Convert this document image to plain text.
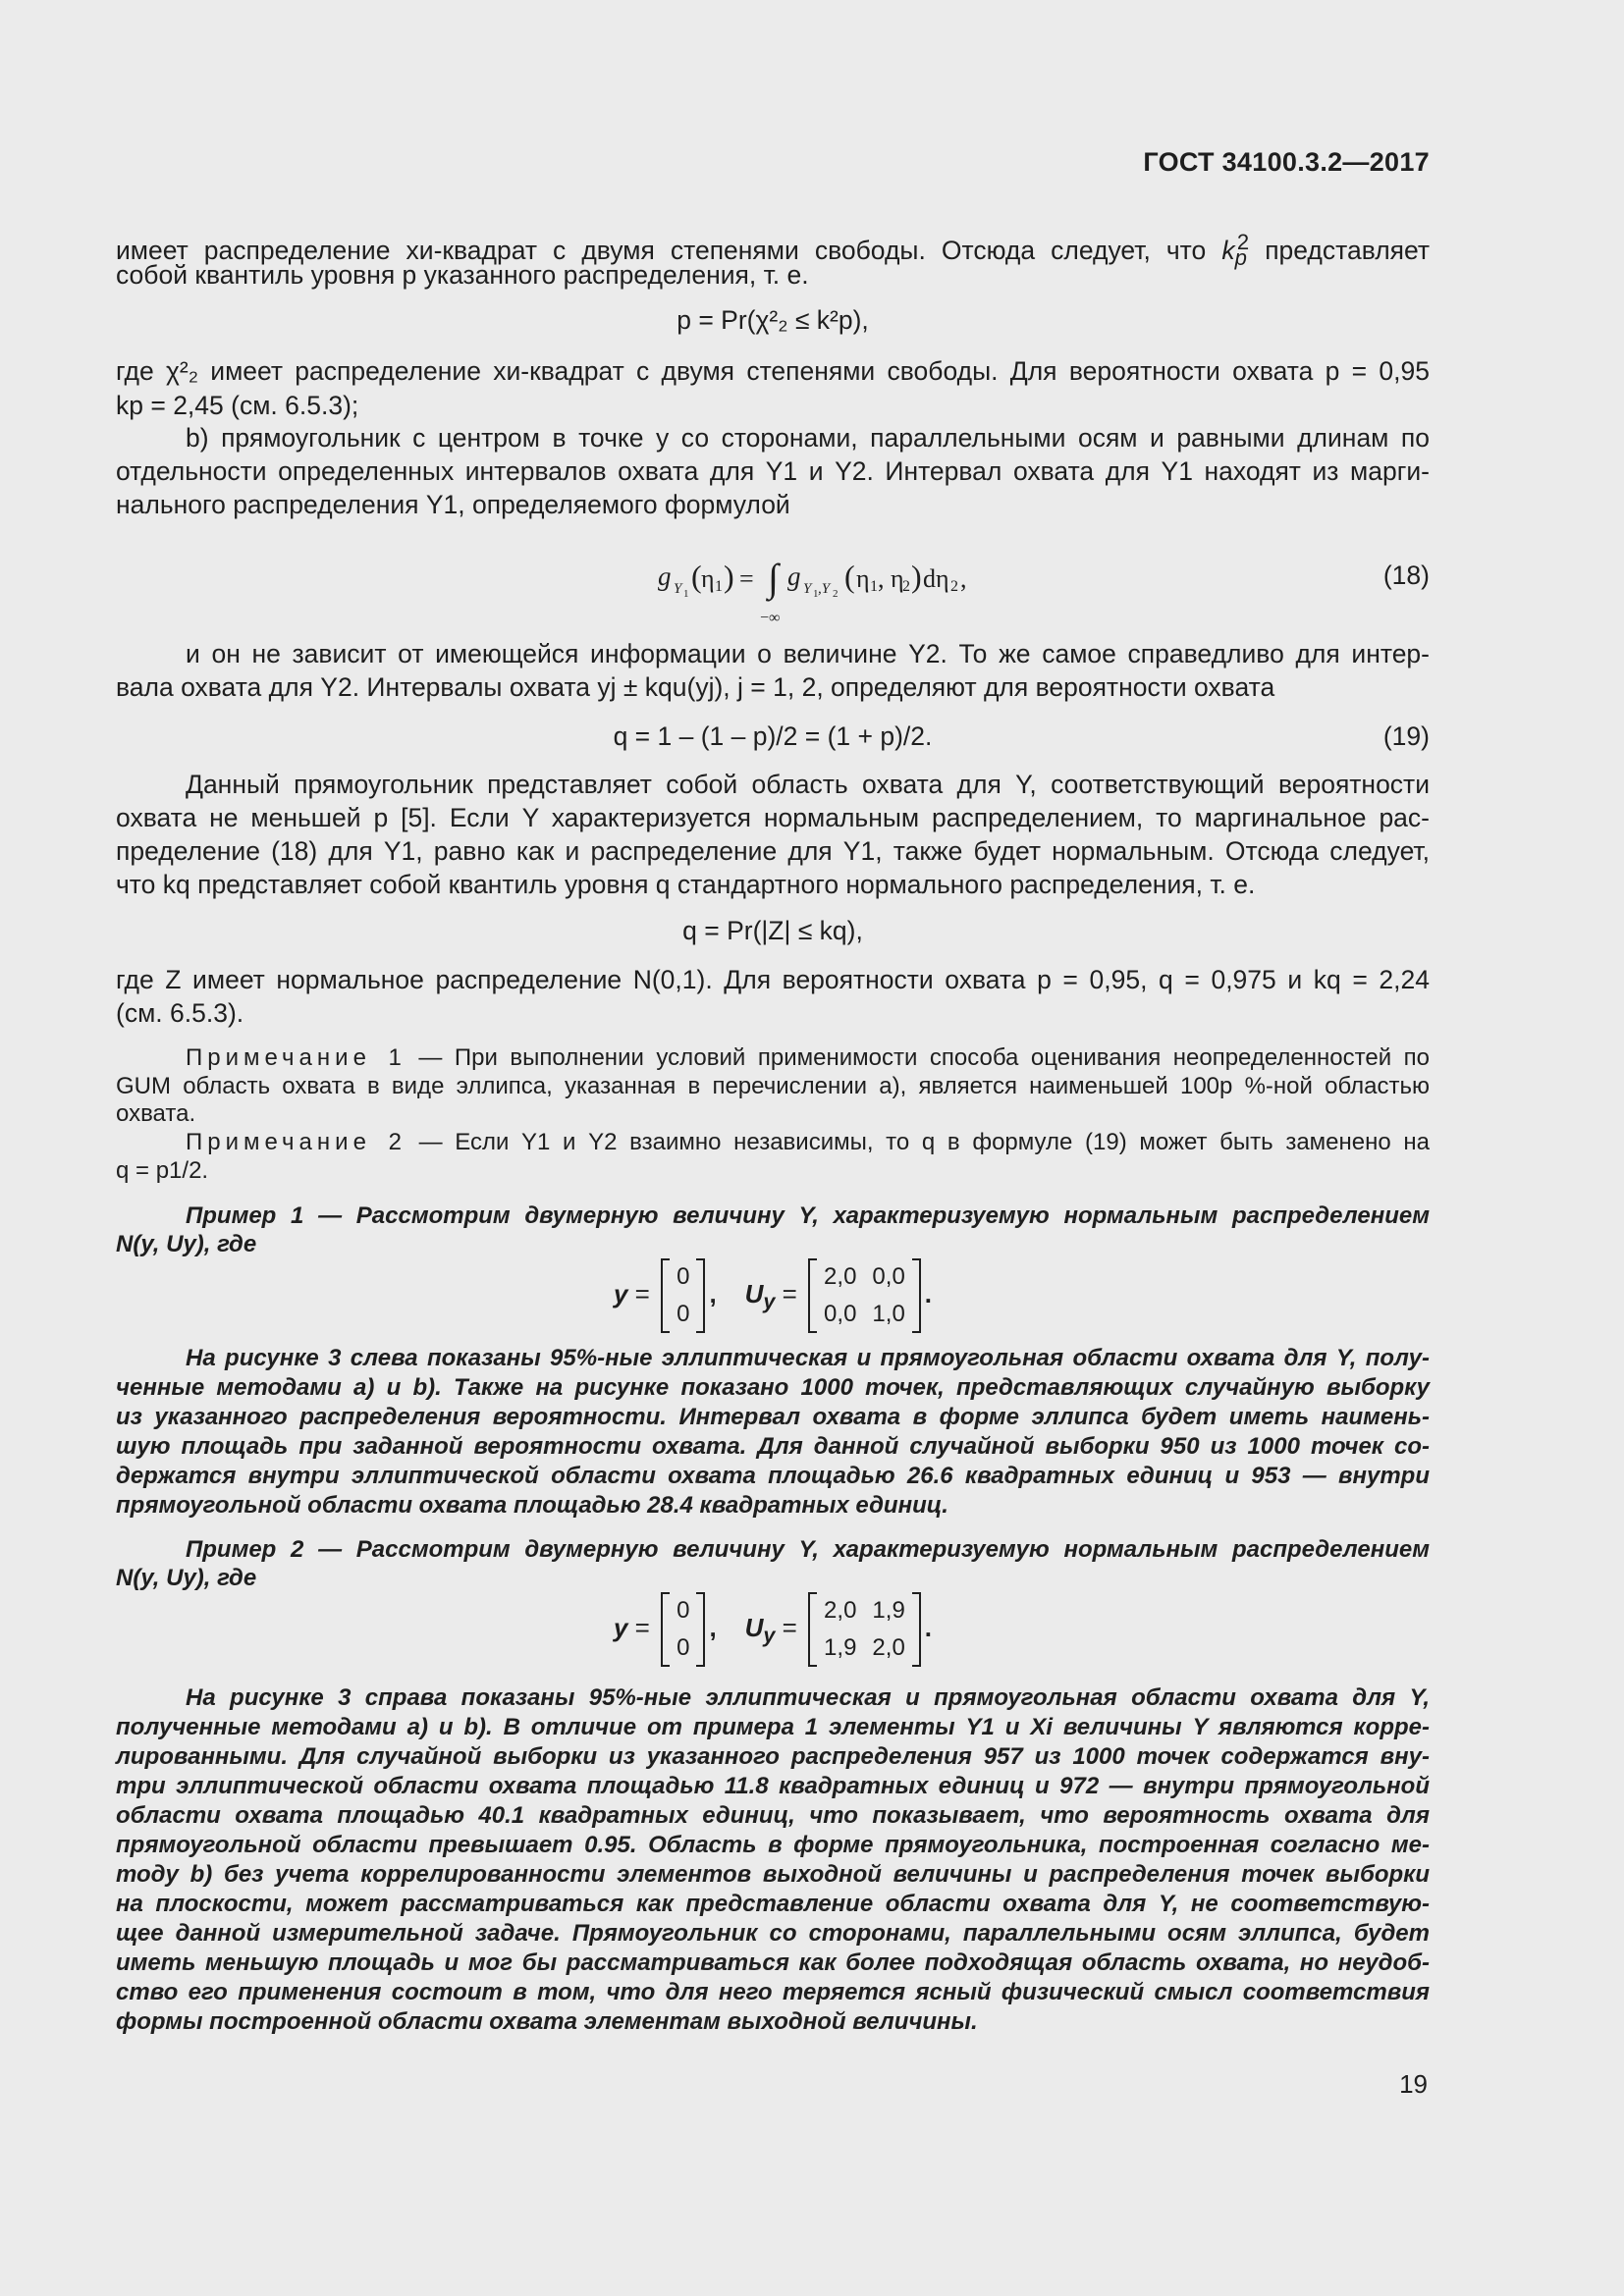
ГОСТ 34100.3.2—2017
имеет распределение хи-квадрат с двумя степенями свободы. Отсюда следует, что $k_p^2$ представляет
собой квантиль уровня p указанного распределения, т. е.
p = Pr(χ²₂ ≤ k²p),
где χ²₂ имеет распределение хи-квадрат с двумя степенями свободы. Для вероятности охвата p = 0,95
kp = 2,45 (см. 6.5.3);
b) прямоугольник с центром в точке y со сторонами, параллельными осям и равными длинам по
отдельности определенных интервалов охвата для Y1 и Y2. Интервал охвата для Y1 находят из марги-
нального распределения Y1, определяемого формулой
g Y 1 ( η 1 ) = ∫
−∞
g Y 1 ,Y 2 ( η 1 , η
2 ) dη 2 ,	(18)
и он не зависит от имеющейся информации о величине Y2. То же самое справедливо для интер-
вала охвата для Y2. Интервалы охвата yj ± kqu(yj), j = 1, 2, определяют для вероятности охвата
q = 1 – (1 – p)/2 = (1 + p)/2.	(19)
Данный прямоугольник представляет собой область охвата для Y, соответствующий вероятности
охвата не меньшей p [5]. Если Y характеризуется нормальным распределением, то маргинальное рас-
пределение (18) для Y1, равно как и распределение для Y1, также будет нормальным. Отсюда следует,
что kq представляет собой квантиль уровня q стандартного нормального распределения, т. е.
q = Pr(|Z| ≤ kq),
где Z имеет нормальное распределение N(0,1). Для вероятности охвата p = 0,95, q = 0,975 и kq = 2,24
(см. 6.5.3).
Примечание 1 — При выполнении условий применимости способа оценивания неопределенностей по
GUM область охвата в виде эллипса, указанная в перечислении а), является наименьшей 100p %-ной областью
охвата.
Примечание 2 — Если Y1 и Y2 взаимно независимы, то q в формуле (19) может быть заменено на
q = p1/2.
Пример 1 — Рассмотрим двумерную величину Y, характеризуемую нормальным распределением
N(y, Uy), где
y =
0
0
, $U_y$ =
2,0	0,0
0,0	1,0
.
На рисунке 3 слева показаны 95%-ные эллиптическая и прямоугольная области охвата для Y, полу-
ченные методами а) и b). Также на рисунке показано 1000 точек, представляющих случайную выборку
из указанного распределения вероятности. Интервал охвата в форме эллипса будет иметь наимень-
шую площадь при заданной вероятности охвата. Для данной случайной выборки 950 из 1000 точек со-
держатся внутри эллиптической области охвата площадью 26.6 квадратных единиц и 953 — внутри
прямоугольной области охвата площадью 28.4 квадратных единиц.
Пример 2 — Рассмотрим двумерную величину Y, характеризуемую нормальным распределением
N(y, Uy), где
y =
0
0
, $U_y$ =
2,0	1,9
1,9	2,0
.
На рисунке 3 справа показаны 95%-ные эллиптическая и прямоугольная области охвата для Y,
полученные методами а) и b). В отличие от примера 1 элементы Y1 и Xi величины Y являются корре-
лированными. Для случайной выборки из указанного распределения 957 из 1000 точек содержатся вну-
три эллиптической области охвата площадью 11.8 квадратных единиц и 972 — внутри прямоугольной
области охвата площадью 40.1 квадратных единиц, что показывает, что вероятность охвата для
прямоугольной области превышает 0.95. Область в форме прямоугольника, построенная согласно ме-
тоду b) без учета коррелированности элементов выходной величины и распределения точек выборки
на плоскости, может рассматриваться как представление области охвата для Y, не соответствую-
щее данной измерительной задаче. Прямоугольник со сторонами, параллельными осям эллипса, будет
иметь меньшую площадь и мог бы рассматриваться как более подходящая область охвата, но неудоб-
ство его применения состоит в том, что для него теряется ясный физический смысл соответствия
формы построенной области охвата элементам выходной величины.
19
